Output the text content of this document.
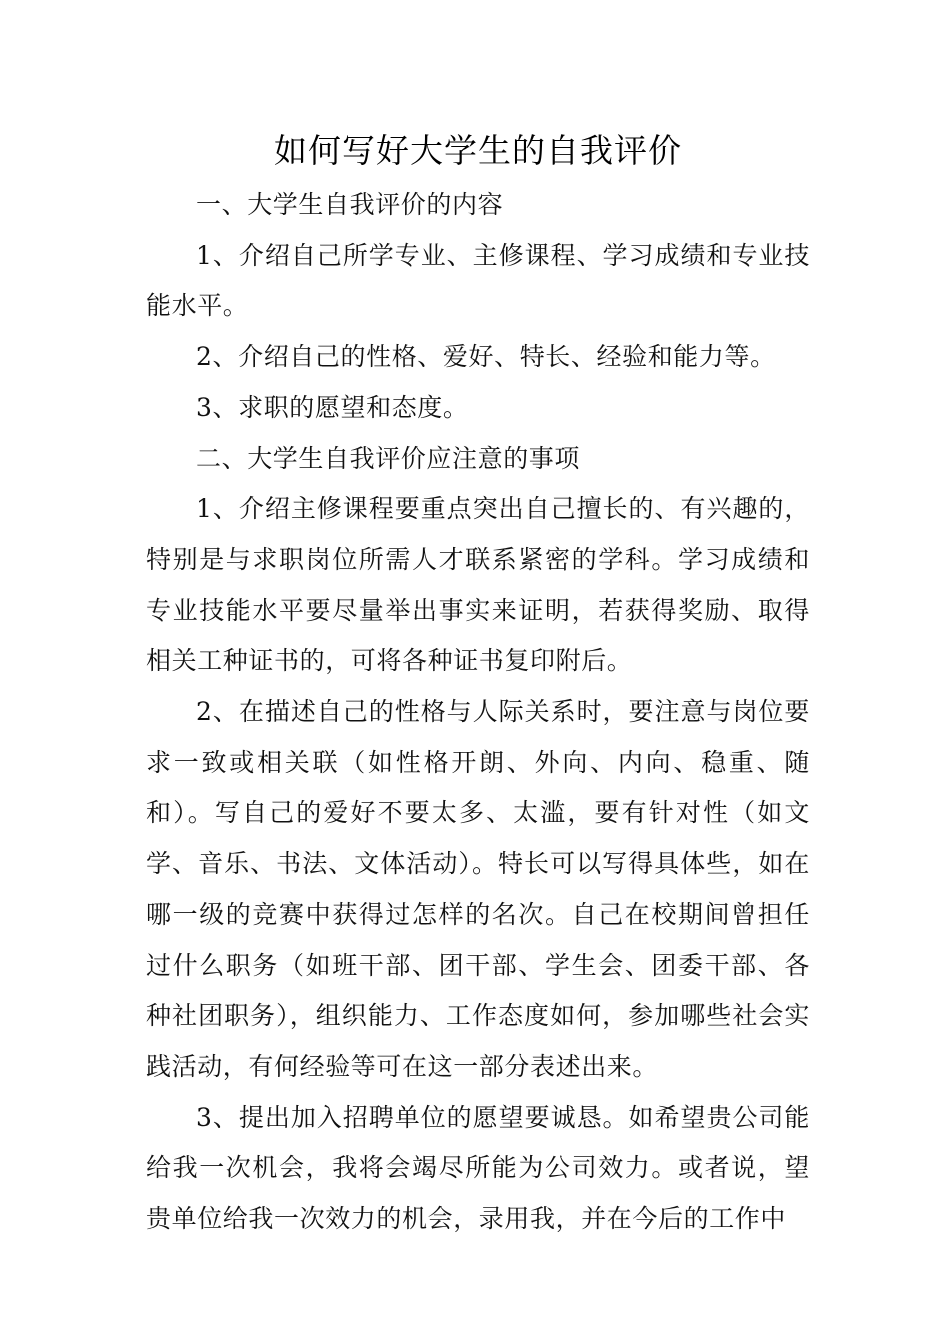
如何写好大学生的自我评价

一、大学生自我评价的内容

1、介绍自己所学专业、主修课程、学习成绩和专业技能水平。

2、介绍自己的性格、爱好、特长、经验和能力等。

3、求职的愿望和态度。

二、大学生自我评价应注意的事项

1、介绍主修课程要重点突出自己擅长的、有兴趣的，特别是与求职岗位所需人才联系紧密的学科。学习成绩和专业技能水平要尽量举出事实来证明，若获得奖励、取得相关工种证书的，可将各种证书复印附后。

2、在描述自己的性格与人际关系时，要注意与岗位要求一致或相关联（如性格开朗、外向、内向、稳重、随和）。写自己的爱好不要太多、太滥，要有针对性（如文学、音乐、书法、文体活动）。特长可以写得具体些，如在哪一级的竞赛中获得过怎样的名次。自己在校期间曾担任过什么职务（如班干部、团干部、学生会、团委干部、各种社团职务），组织能力、工作态度如何，参加哪些社会实践活动，有何经验等可在这一部分表述出来。

3、提出加入招聘单位的愿望要诚恳。如希望贵公司能给我一次机会，我将会竭尽所能为公司效力。或者说，望贵单位给我一次效力的机会，录用我，并在今后的工作中
